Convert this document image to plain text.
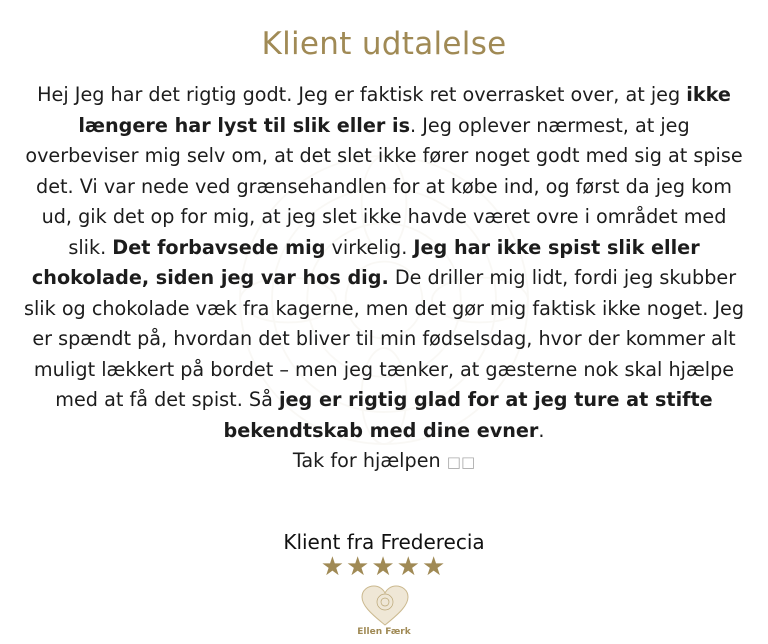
Klient udtalelse
Hej Jeg har det rigtig godt. Jeg er faktisk ret overrasket over, at jeg ikke længere har lyst til slik eller is. Jeg oplever nærmest, at jeg overbeviser mig selv om, at det slet ikke fører noget godt med sig at spise det. Vi var nede ved grænsehandlen for at købe ind, og først da jeg kom ud, gik det op for mig, at jeg slet ikke havde været ovre i området med slik. Det forbavsede mig virkelig. Jeg har ikke spist slik eller chokolade, siden jeg var hos dig. De driller mig lidt, fordi jeg skubber slik og chokolade væk fra kagerne, men det gør mig faktisk ikke noget. Jeg er spændt på, hvordan det bliver til min fødselsdag, hvor der kommer alt muligt lækkert på bordet – men jeg tænker, at gæsterne nok skal hjælpe med at få det spist. Så jeg er rigtig glad for at jeg ture at stifte bekendtskab med dine evner.
Tak for hjælpen □□
Klient fra Frederecia
★★★★★
Ellen Færk
